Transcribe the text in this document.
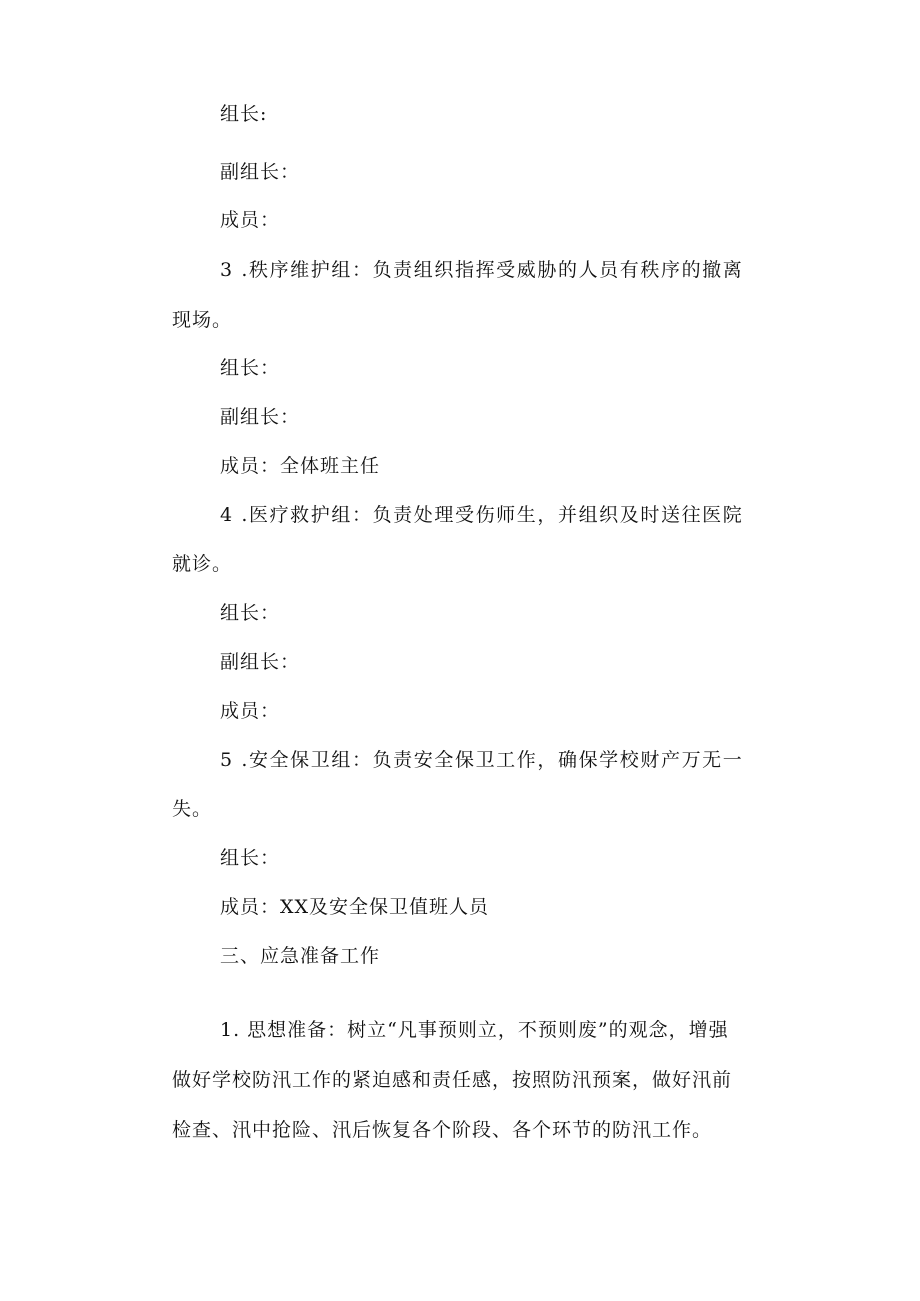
组长:
副组长：
成员：
3 .秩序维护组：负责组织指挥受威胁的人员有秩序的撤离
现场。
组长：
副组长：
成员：全体班主任
4 .医疗救护组：负责处理受伤师生，并组织及时送往医院
就诊。
组长：
副组长：
成员：
5 .安全保卫组：负责安全保卫工作，确保学校财产万无一
失。
组长：
成员：XX及安全保卫值班人员
三、应急准备工作
1. 思想准备：树立“凡事预则立，不预则废”的观念，增强
做好学校防汛工作的紧迫感和责任感，按照防汛预案，做好汛前
检查、汛中抢险、汛后恢复各个阶段、各个环节的防汛工作。
